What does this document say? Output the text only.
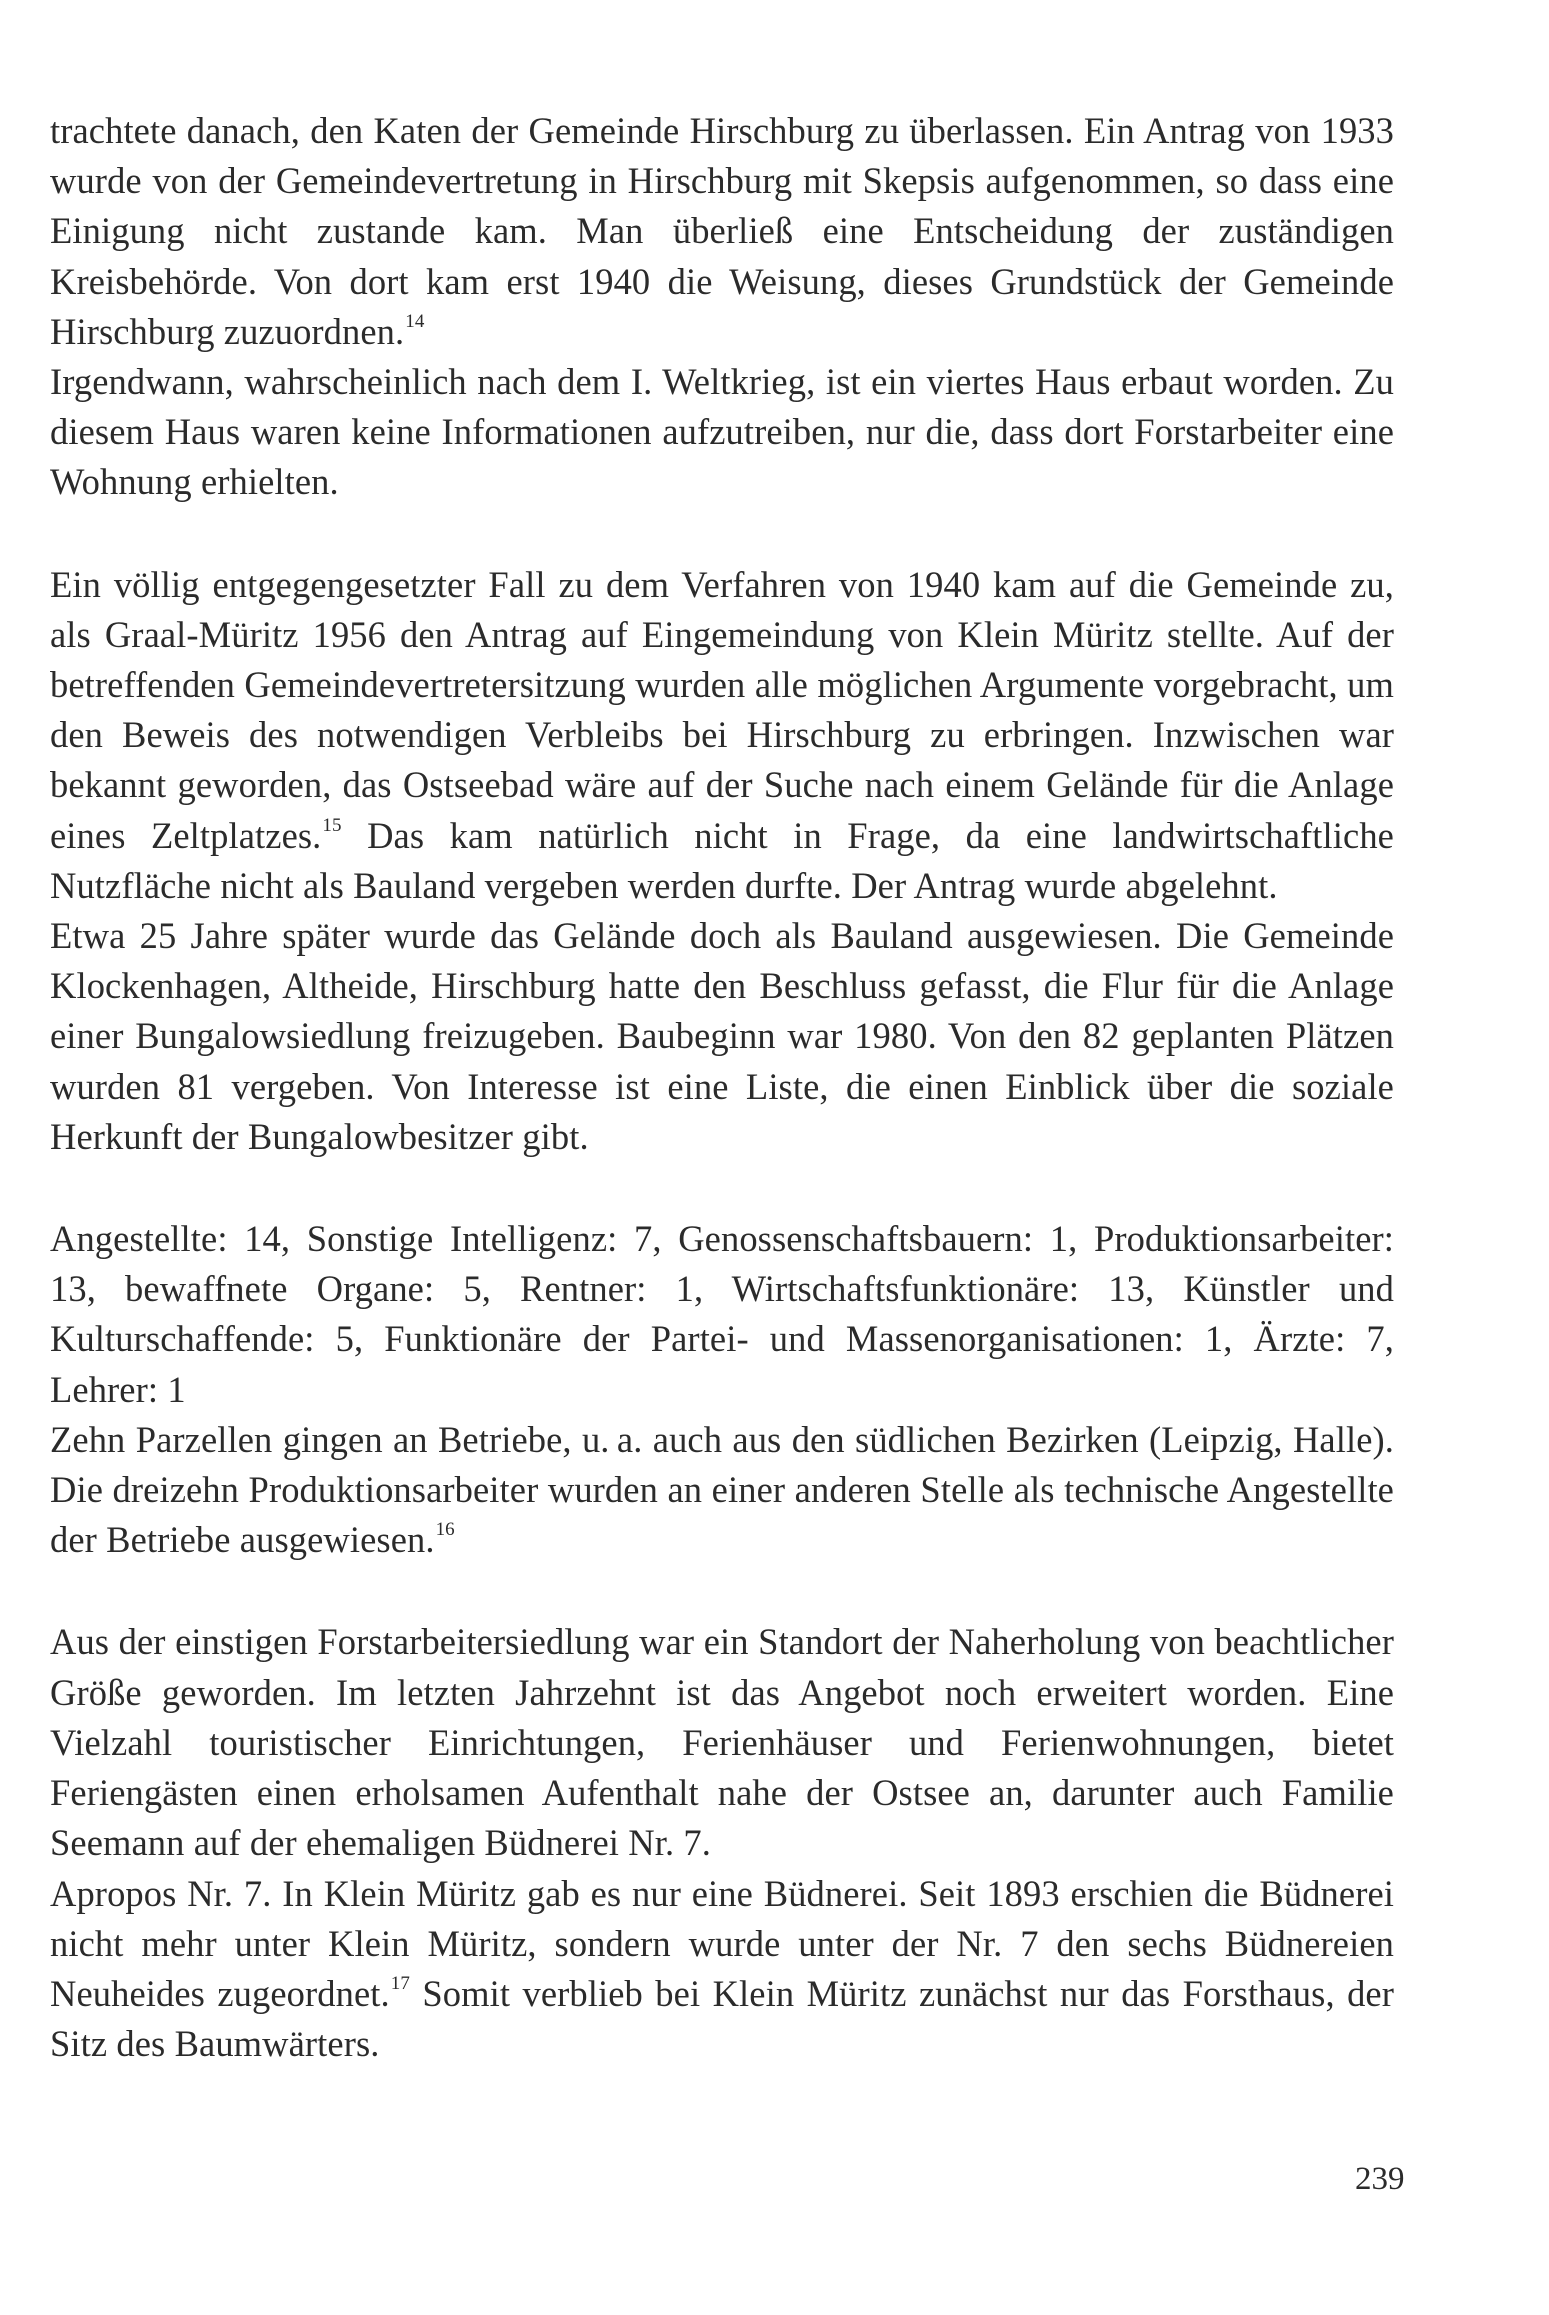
trachtete danach, den Katen der Gemeinde Hirschburg zu überlassen. Ein Antrag von 1933 wurde von der Gemeindevertretung in Hirschburg mit Skepsis aufgenommen, so dass eine Einigung nicht zustande kam. Man überließ eine Entscheidung der zuständigen Kreisbehörde. Von dort kam erst 1940 die Weisung, dieses Grundstück der Gemeinde Hirschburg zuzuordnen.$^{14}$

Irgendwann, wahrscheinlich nach dem I. Weltkrieg, ist ein viertes Haus erbaut worden. Zu diesem Haus waren keine Informationen aufzutreiben, nur die, dass dort Forstarbeiter eine Wohnung erhielten.

Ein völlig entgegengesetzter Fall zu dem Verfahren von 1940 kam auf die Gemeinde zu, als Graal-Müritz 1956 den Antrag auf Eingemeindung von Klein Müritz stellte. Auf der betreffenden Gemeindevertretersitzung wurden alle möglichen Argumente vorgebracht, um den Beweis des notwendigen Verbleibs bei Hirschburg zu erbringen. Inzwischen war bekannt geworden, das Ostseebad wäre auf der Suche nach einem Gelände für die Anlage eines Zeltplatzes.$^{15}$ Das kam natürlich nicht in Frage, da eine landwirtschaftliche Nutzfläche nicht als Bauland vergeben werden durfte. Der Antrag wurde abgelehnt.

Etwa 25 Jahre später wurde das Gelände doch als Bauland ausgewiesen. Die Gemeinde Klockenhagen, Altheide, Hirschburg hatte den Beschluss gefasst, die Flur für die Anlage einer Bungalowsiedlung freizugeben. Baubeginn war 1980. Von den 82 geplanten Plätzen wurden 81 vergeben. Von Interesse ist eine Liste, die einen Einblick über die soziale Herkunft der Bungalowbesitzer gibt.

Angestellte: 14, Sonstige Intelligenz: 7, Genossenschaftsbauern: 1, Produktionsarbeiter: 13, bewaffnete Organe: 5, Rentner: 1, Wirtschaftsfunktionäre: 13, Künstler und Kulturschaffende: 5, Funktionäre der Partei- und Massenorganisationen: 1, Ärzte: 7, Lehrer: 1

Zehn Parzellen gingen an Betriebe, u. a. auch aus den südlichen Bezirken (Leipzig, Halle). Die dreizehn Produktionsarbeiter wurden an einer anderen Stelle als technische Angestellte der Betriebe ausgewiesen.$^{16}$

Aus der einstigen Forstarbeitersiedlung war ein Standort der Naherholung von beachtlicher Größe geworden. Im letzten Jahrzehnt ist das Angebot noch erweitert worden. Eine Vielzahl touristischer Einrichtungen, Ferienhäuser und Ferienwohnungen, bietet Feriengästen einen erholsamen Aufenthalt nahe der Ostsee an, darunter auch Familie Seemann auf der ehemaligen Büdnerei Nr. 7.

Apropos Nr. 7. In Klein Müritz gab es nur eine Büdnerei. Seit 1893 erschien die Büdnerei nicht mehr unter Klein Müritz, sondern wurde unter der Nr. 7 den sechs Büdnereien Neuheides zugeordnet.$^{17}$ Somit verblieb bei Klein Müritz zunächst nur das Forsthaus, der Sitz des Baumwärters.

239
